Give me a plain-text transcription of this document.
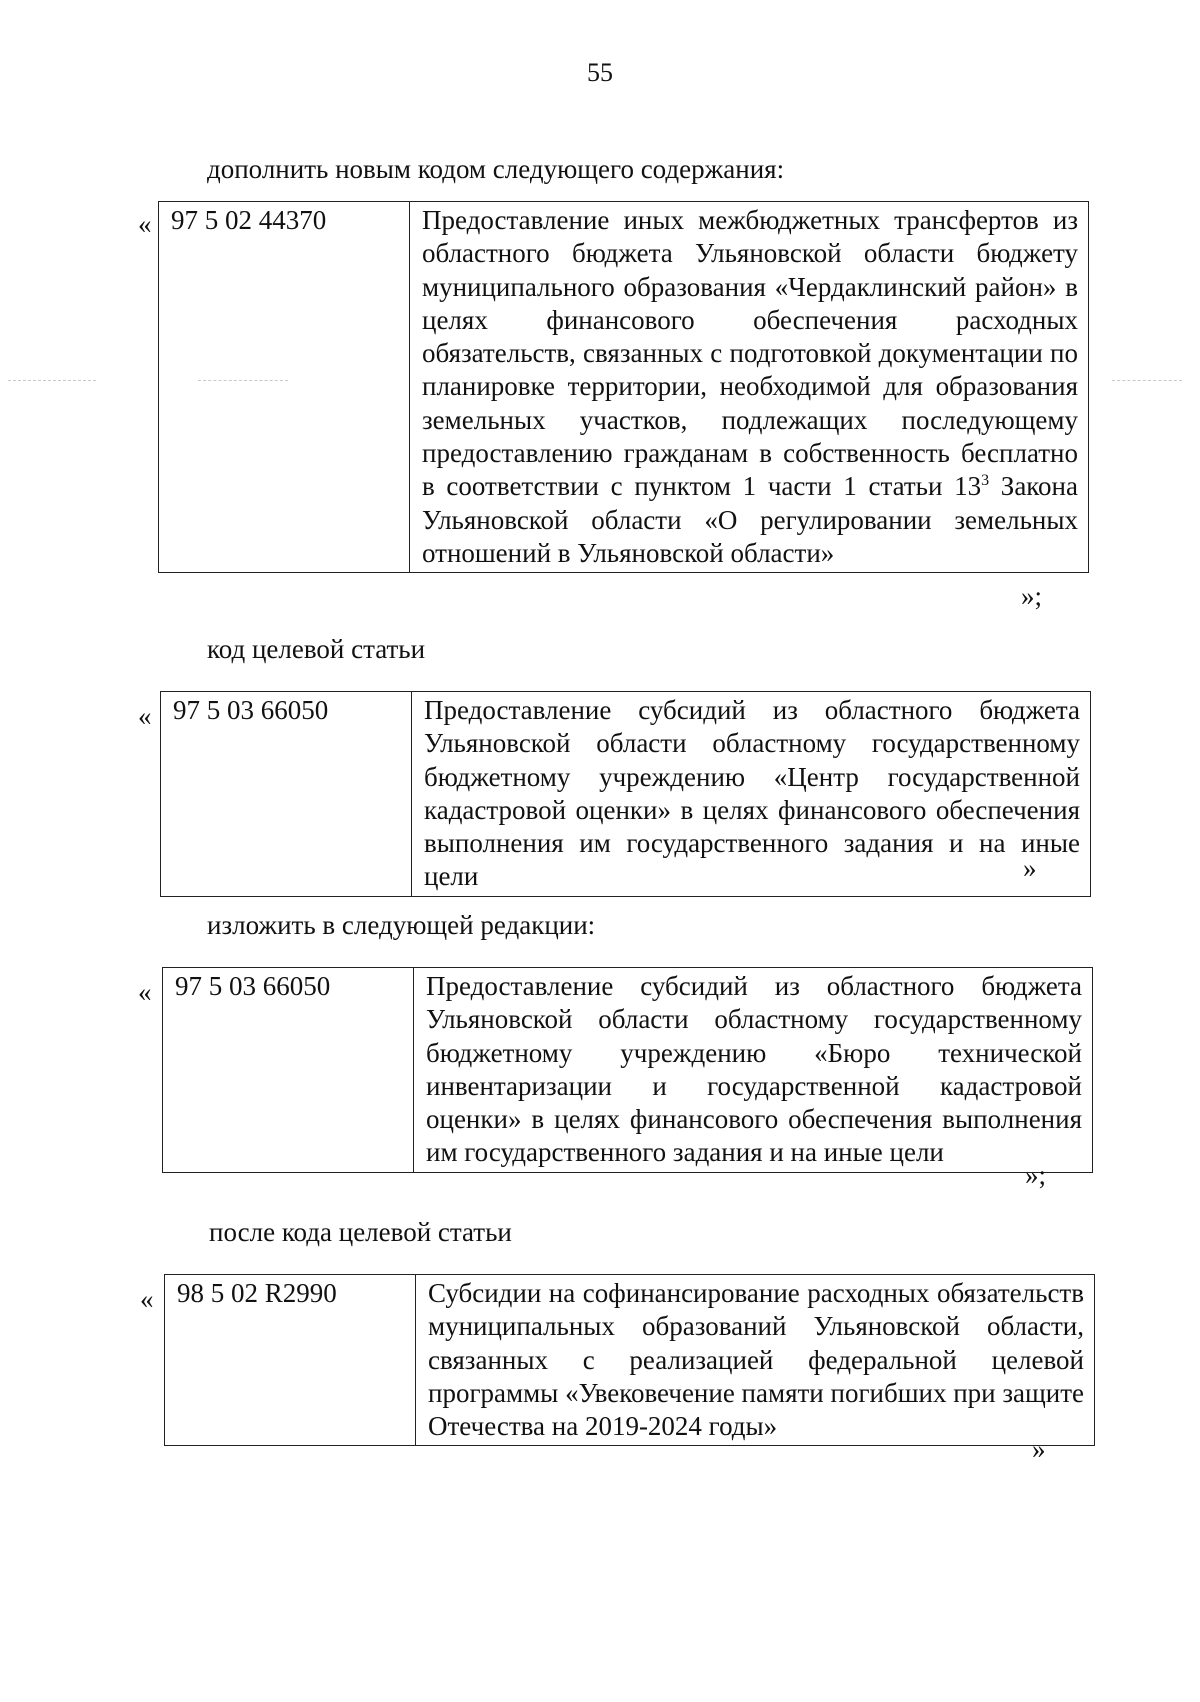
55
дополнить новым кодом следующего содержания:
« 97 5 02 44370	Предоставление иных межбюджетных трансфертов из областного бюджета Ульяновской области бюджету муниципального образования «Чердаклинский район» в целях финансового обеспечения расходных обязательств, связанных с подготовкой документации по планировке территории, необходимой для образования земельных участков, подлежащих последующему предоставлению гражданам в собственность бесплатно в соответствии с пунктом 1 части 1 статьи $13^3$ Закона Ульяновской области «О регулировании земельных отношений в Ульяновской области»
»;
код целевой статьи
« 97 5 03 66050	Предоставление субсидий из областного бюджета Ульяновской области областному государственному бюджетному учреждению «Центр государственной кадастровой оценки» в целях финансового обеспечения выполнения им государственного задания и на иные цели	»
изложить в следующей редакции:
« 97 5 03 66050	Предоставление субсидий из областного бюджета Ульяновской области областному государственному бюджетному учреждению «Бюро технической инвентаризации и государственной кадастровой оценки» в целях финансового обеспечения выполнения им государственного задания и на иные цели
»;
после кода целевой статьи
« 98 5 02 R2990	Субсидии на софинансирование расходных обязательств муниципальных образований Ульяновской области, связанных с реализацией федеральной целевой программы «Увековечение памяти погибших при защите Отечества на 2019-2024 годы»
»
